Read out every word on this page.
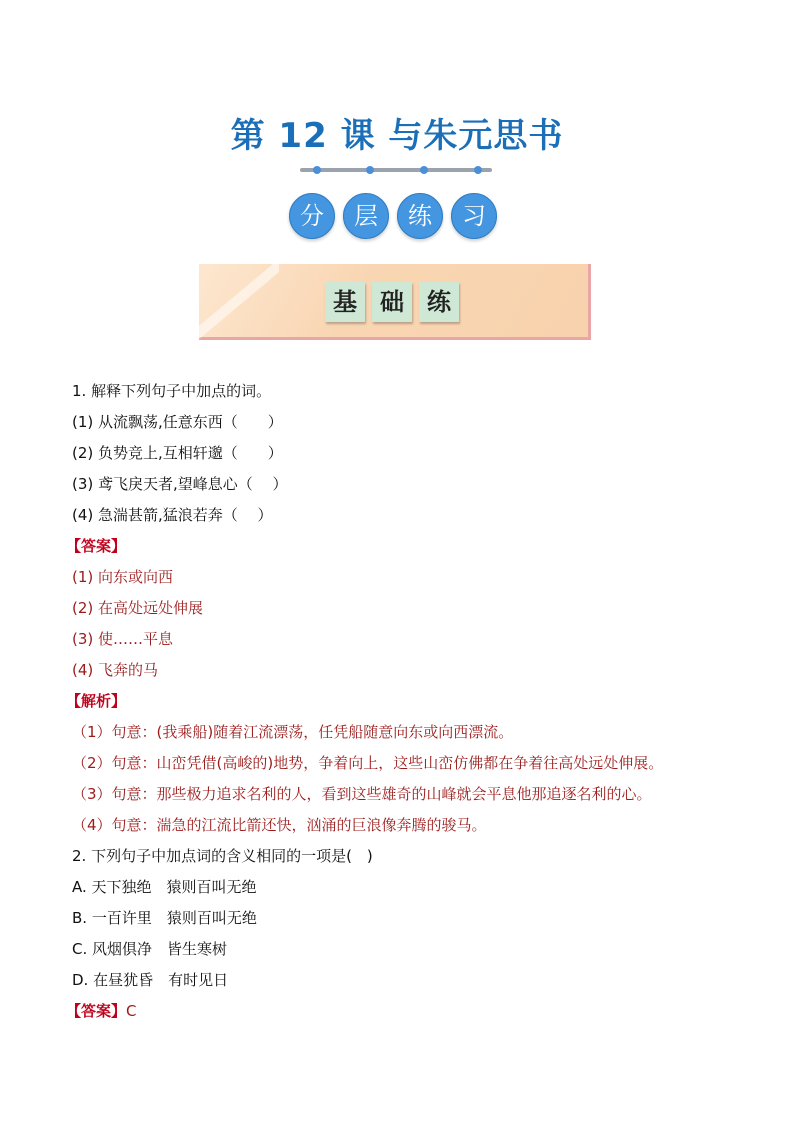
第 12 课 与朱元思书
分	层	练	习
基 础 练
1. 解释下列句子中加点的词。
(1) 从流飘荡,任意东西（　　）
(2) 负势竞上,互相轩邈（　　）
(3) 鸢飞戾天者,望峰息心（　 ）
(4) 急湍甚箭,猛浪若奔（　 ）
【答案】
(1) 向东或向西
(2) 在高处远处伸展
(3) 使……平息
(4) 飞奔的马
【解析】
（1）句意：(我乘船)随着江流漂荡，任凭船随意向东或向西漂流。
（2）句意：山峦凭借(高峻的)地势，争着向上，这些山峦仿佛都在争着往高处远处伸展。
（3）句意：那些极力追求名利的人，看到这些雄奇的山峰就会平息他那追逐名利的心。
（4）句意：湍急的江流比箭还快，汹涌的巨浪像奔腾的骏马。
2. 下列句子中加点词的含义相同的一项是(　)
A. 天下独绝　猿则百叫无绝
B. 一百许里　猿则百叫无绝
C. 风烟俱净　皆生寒树
D. 在昼犹昏　有时见日
【答案】C
